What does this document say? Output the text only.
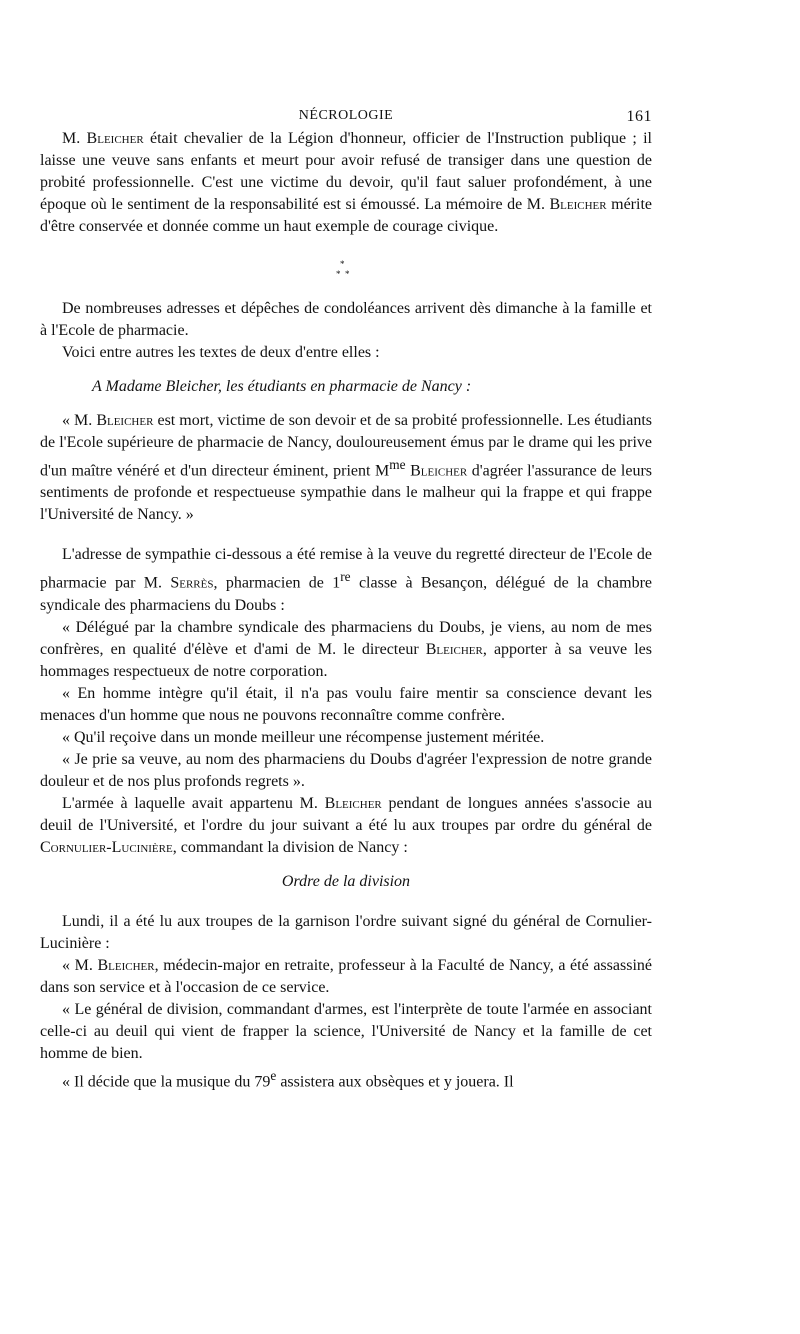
NÉCROLOGIE	161

M. Bleicher était chevalier de la Légion d'honneur, officier de l'Instruction publique ; il laisse une veuve sans enfants et meurt pour avoir refusé de transiger dans une question de probité professionnelle. C'est une victime du devoir, qu'il faut saluer profondément, à une époque où le sentiment de la responsabilité est si émoussé. La mémoire de M. Bleicher mérite d'être conservée et donnée comme un haut exemple de courage civique.

*
* *

De nombreuses adresses et dépêches de condoléances arrivent dès dimanche à la famille et à l'Ecole de pharmacie.

Voici entre autres les textes de deux d'entre elles :

A Madame Bleicher, les étudiants en pharmacie de Nancy :

« M. Bleicher est mort, victime de son devoir et de sa probité professionnelle. Les étudiants de l'Ecole supérieure de pharmacie de Nancy, douloureusement émus par le drame qui les prive d'un maître vénéré et d'un directeur éminent, prient $M^{me}$ Bleicher d'agréer l'assurance de leurs sentiments de profonde et respectueuse sympathie dans le malheur qui la frappe et qui frappe l'Université de Nancy. »

L'adresse de sympathie ci-dessous a été remise à la veuve du regretté directeur de l'Ecole de pharmacie par M. Serrès, pharmacien de 1re classe à Besançon, délégué de la chambre syndicale des pharmaciens du Doubs :

« Délégué par la chambre syndicale des pharmaciens du Doubs, je viens, au nom de mes confrères, en qualité d'élève et d'ami de M. le directeur Bleicher, apporter à sa veuve les hommages respectueux de notre corporation.

« En homme intègre qu'il était, il n'a pas voulu faire mentir sa conscience devant les menaces d'un homme que nous ne pouvons reconnaître comme confrère.

« Qu'il reçoive dans un monde meilleur une récompense justement méritée.

« Je prie sa veuve, au nom des pharmaciens du Doubs d'agréer l'expression de notre grande douleur et de nos plus profonds regrets ».

L'armée à laquelle avait appartenu M. Bleicher pendant de longues années s'associe au deuil de l'Université, et l'ordre du jour suivant a été lu aux troupes par ordre du général de Cornulier-Lucinière, commandant la division de Nancy :

Ordre de la division

Lundi, il a été lu aux troupes de la garnison l'ordre suivant signé du général de Cornulier-Lucinière :

« M. Bleicher, médecin-major en retraite, professeur à la Faculté de Nancy, a été assassiné dans son service et à l'occasion de ce service.

« Le général de division, commandant d'armes, est l'interprète de toute l'armée en associant celle-ci au deuil qui vient de frapper la science, l'Université de Nancy et la famille de cet homme de bien.

« Il décide que la musique du 79e assistera aux obsèques et y jouera. Il
